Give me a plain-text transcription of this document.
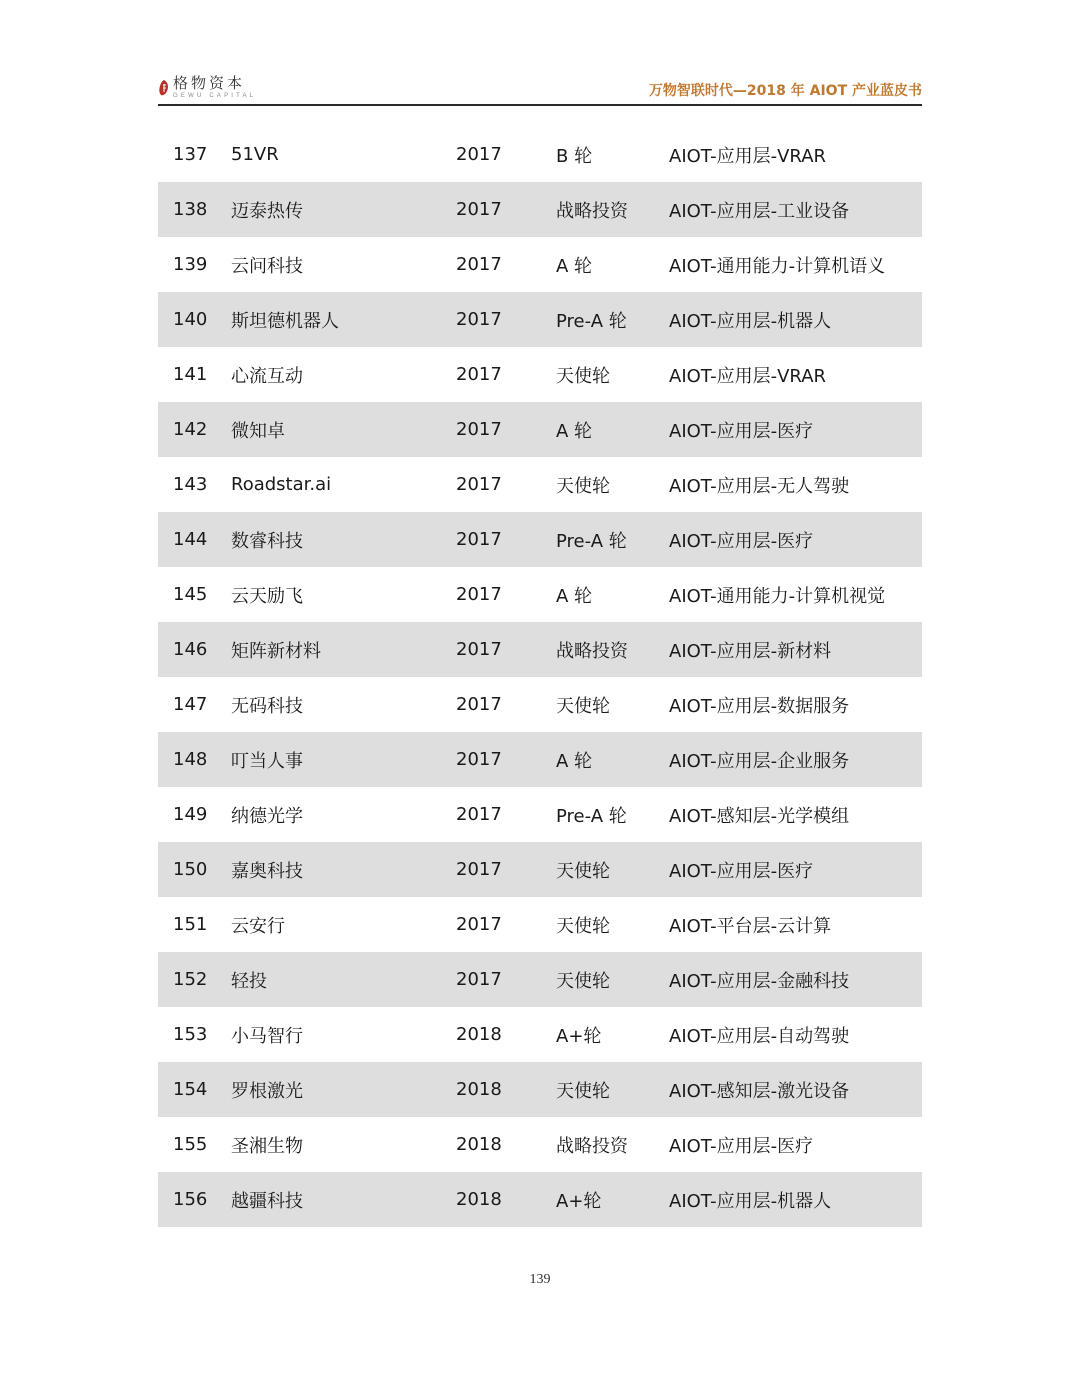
格物资本
GEWU CAPITAL	万物智联时代—2018 年 AIOT 产业蓝皮书
137	51VR	2017	B 轮	AIOT-应用层-VRAR
138	迈泰热传	2017	战略投资	AIOT-应用层-工业设备
139	云问科技	2017	A 轮	AIOT-通用能力-计算机语义
140	斯坦德机器人	2017	Pre-A 轮	AIOT-应用层-机器人
141	心流互动	2017	天使轮	AIOT-应用层-VRAR
142	微知卓	2017	A 轮	AIOT-应用层-医疗
143	Roadstar.ai	2017	天使轮	AIOT-应用层-无人驾驶
144	数睿科技	2017	Pre-A 轮	AIOT-应用层-医疗
145	云天励飞	2017	A 轮	AIOT-通用能力-计算机视觉
146	矩阵新材料	2017	战略投资	AIOT-应用层-新材料
147	无码科技	2017	天使轮	AIOT-应用层-数据服务
148	叮当人事	2017	A 轮	AIOT-应用层-企业服务
149	纳德光学	2017	Pre-A 轮	AIOT-感知层-光学模组
150	嘉奥科技	2017	天使轮	AIOT-应用层-医疗
151	云安行	2017	天使轮	AIOT-平台层-云计算
152	轻投	2017	天使轮	AIOT-应用层-金融科技
153	小马智行	2018	A+轮	AIOT-应用层-自动驾驶
154	罗根激光	2018	天使轮	AIOT-感知层-激光设备
155	圣湘生物	2018	战略投资	AIOT-应用层-医疗
156	越疆科技	2018	A+轮	AIOT-应用层-机器人
139
